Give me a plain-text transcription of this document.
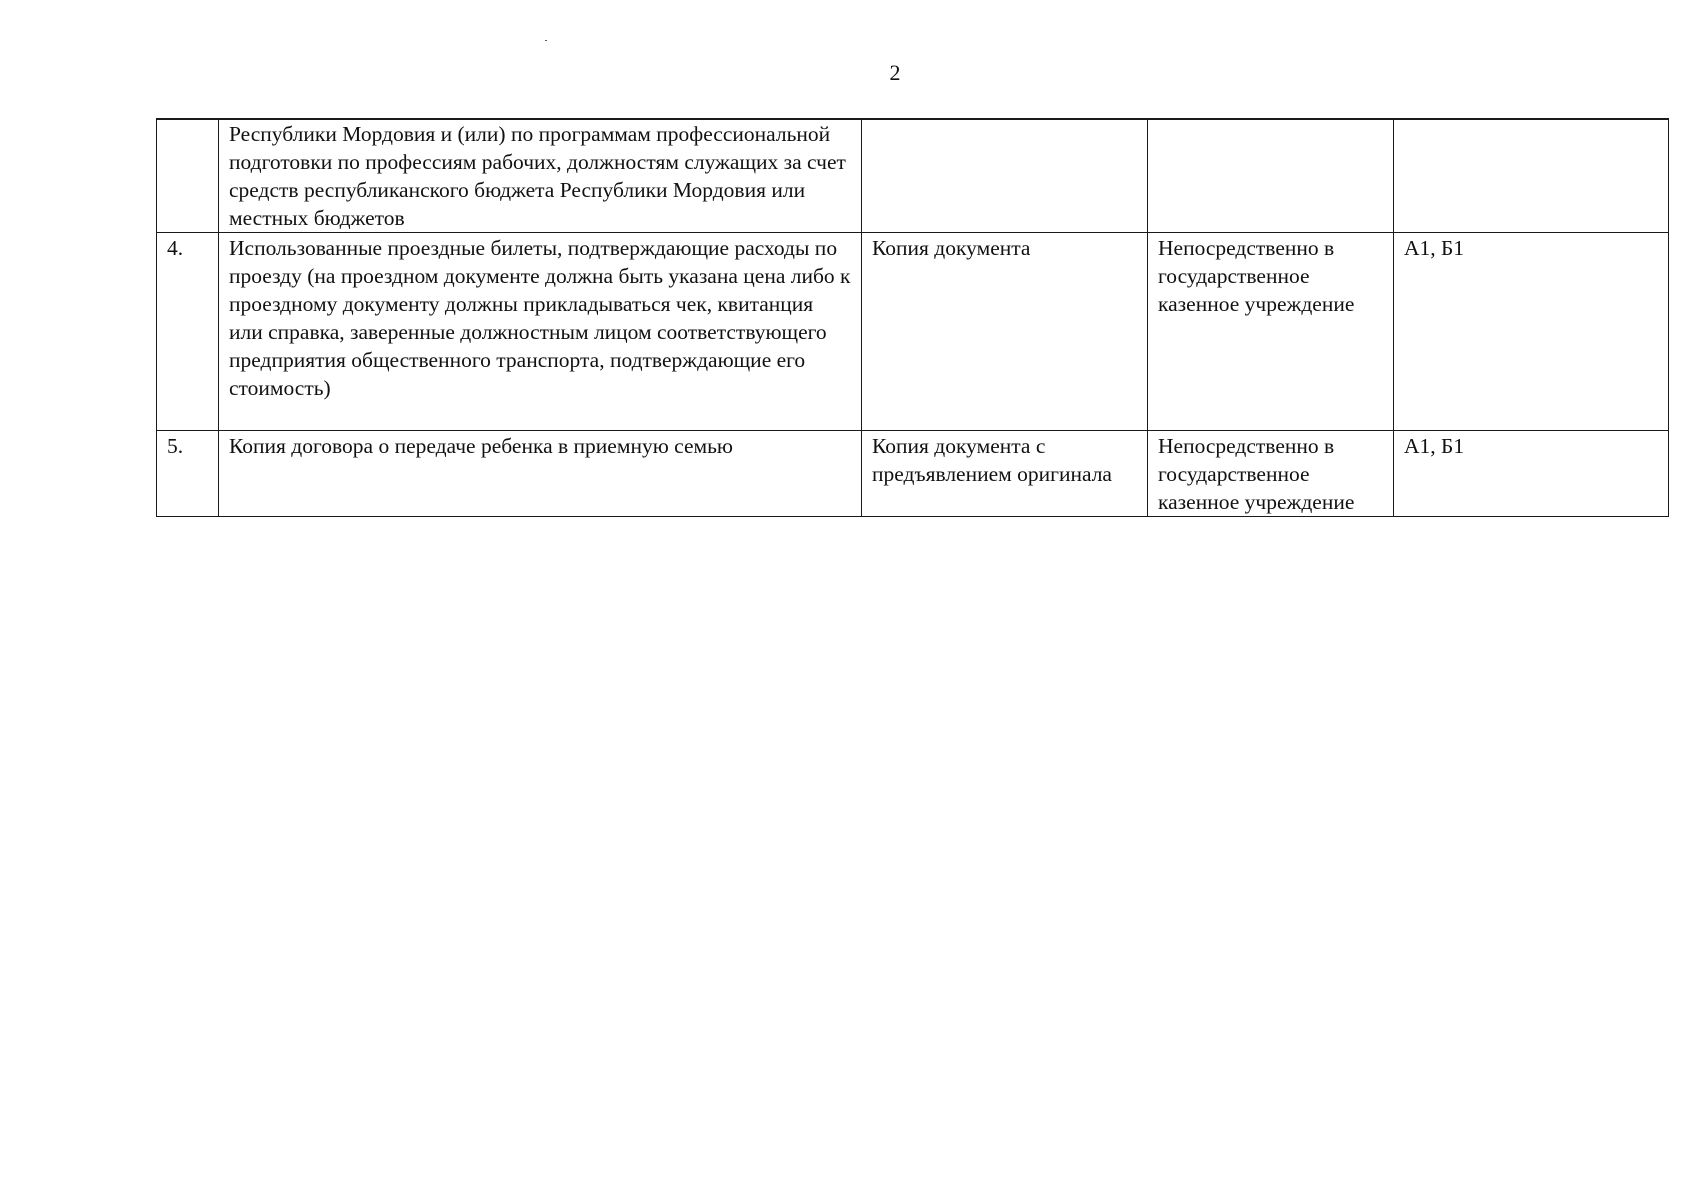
2
	Республики Мордовия и (или) по программам профессиональной подготовки по профессиям рабочих, должностям служащих за счет средств республиканского бюджета Республики Мордовия или местных бюджетов			
4.	Использованные проездные билеты, подтверждающие расходы по проезду (на проездном документе должна быть указана цена либо к проездному документу должны прикладываться чек, квитанция или справка, заверенные должностным лицом соответствующего предприятия общественного транспорта, подтверждающие его стоимость)	Копия документа	Непосредственно в государственное казенное учреждение	А1, Б1
5.	Копия договора о передаче ребенка в приемную семью	Копия документа с предъявлением оригинала	Непосредственно в государственное казенное учреждение	А1, Б1
